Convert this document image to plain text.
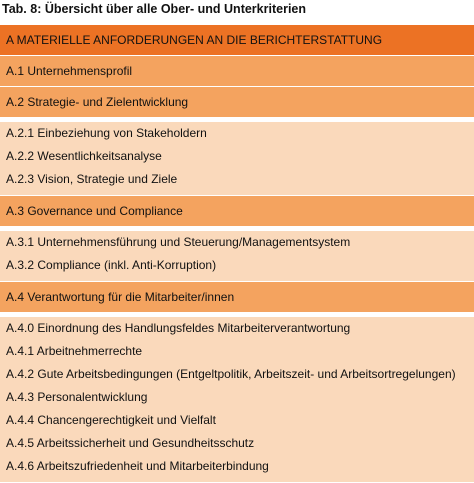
Tab. 8: Übersicht über alle Ober- und Unterkriterien
A MATERIELLE ANFORDERUNGEN AN DIE BERICHTERSTATTUNG
A.1 Unternehmensprofil
A.2 Strategie- und Zielentwicklung
A.2.1 Einbeziehung von Stakeholdern
A.2.2 Wesentlichkeitsanalyse
A.2.3 Vision, Strategie und Ziele
A.3 Governance und Compliance
A.3.1 Unternehmensführung und Steuerung/Managementsystem
A.3.2 Compliance (inkl. Anti-Korruption)
A.4 Verantwortung für die Mitarbeiter/innen
A.4.0 Einordnung des Handlungsfeldes Mitarbeiterverantwortung
A.4.1 Arbeitnehmerrechte
A.4.2 Gute Arbeitsbedingungen (Entgeltpolitik, Arbeitszeit- und Arbeitsortregelungen)
A.4.3 Personalentwicklung
A.4.4 Chancengerechtigkeit und Vielfalt
A.4.5 Arbeitssicherheit und Gesundheitsschutz
A.4.6 Arbeitszufriedenheit und Mitarbeiterbindung
